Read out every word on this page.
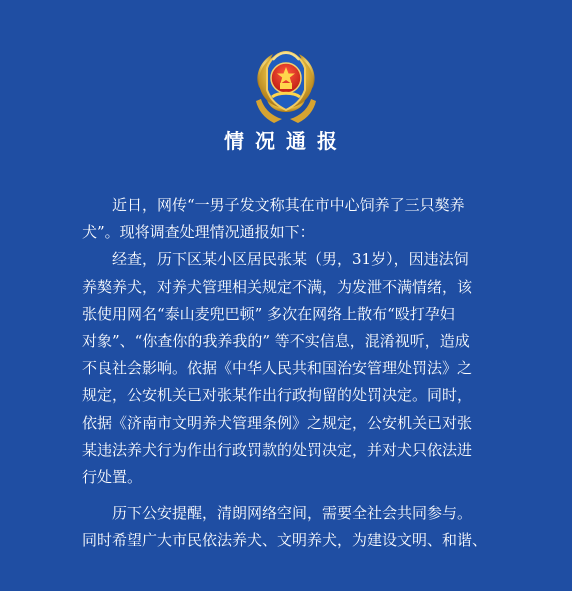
情况通报

近日，网传“一男子发文称其在市中心饲养了三只獒养
犬”。现将调查处理情况通报如下：

经查，历下区某小区居民张某（男，31岁），因违法饲
养獒养犬，对养犬管理相关规定不满，为发泄不满情绪，该
张使用网名“泰山麦兜巴顿” 多次在网络上散布“殴打孕妇
对象”、“你查你的我养我的” 等不实信息，混淆视听，造成
不良社会影响。依据《中华人民共和国治安管理处罚法》之
规定，公安机关已对张某作出行政拘留的处罚决定。同时，
依据《济南市文明养犬管理条例》之规定，公安机关已对张
某违法养犬行为作出行政罚款的处罚决定，并对犬只依法进
行处置。

历下公安提醒，清朗网络空间，需要全社会共同参与。
同时希望广大市民依法养犬、文明养犬，为建设文明、和谐、
